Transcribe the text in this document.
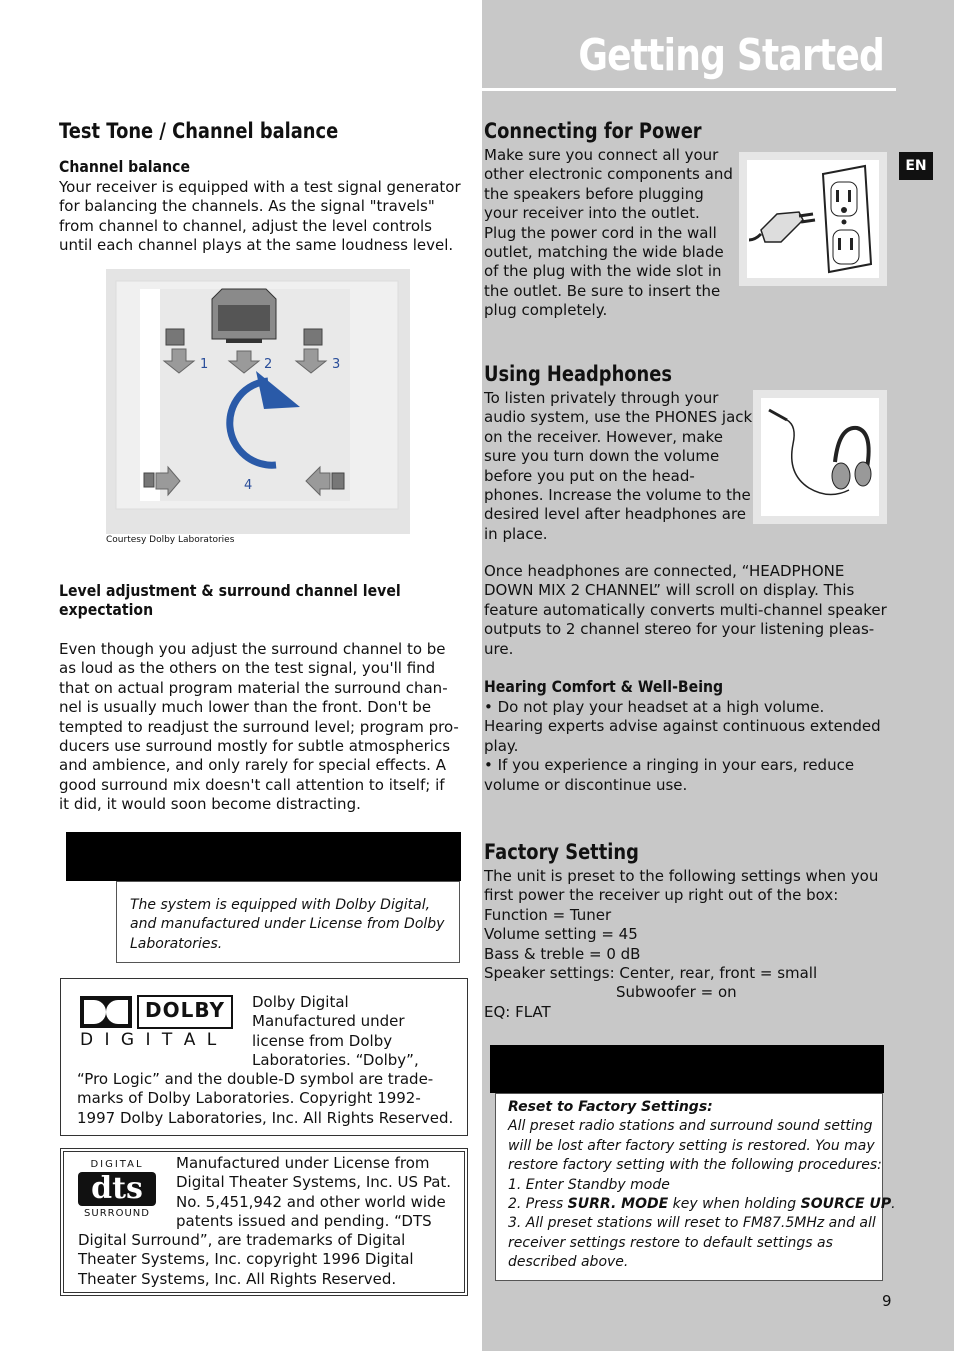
Getting Started
EN
Test Tone / Channel balance
Channel balance
Your receiver is equipped with a test signal generator
for balancing the channels. As the signal "travels"
from channel to channel, adjust the level controls
until each channel plays at the same loudness level.
1	2	3
4
Courtesy Dolby Laboratories
Level adjustment & surround channel level
expectation
Even though you adjust the surround channel to be
as loud as the others on the test signal, you'll find
that on actual program material the surround chan-
nel is usually much lower than the front. Don't be
tempted to readjust the surround level; program pro-
ducers use surround mostly for subtle atmospherics
and ambience, and only rarely for special effects. A
good surround mix doesn't call attention to itself; if
it did, it would soon become distracting.
The system is equipped with Dolby Digital,
and manufactured under License from Dolby
Laboratories.
DOLBY
D I G I T A L
Dolby Digital
Manufactured under
license from Dolby
Laboratories. “Dolby”,
“Pro Logic” and the double-D symbol are trade-
marks of Dolby Laboratories. Copyright 1992-
1997 Dolby Laboratories, Inc. All Rights Reserved.
DIGITAL
dts
SURROUND
Manufactured under License from
Digital Theater Systems, Inc. US Pat.
No. 5,451,942 and other world wide
patents issued and pending. “DTS
Digital Surround”, are trademarks of Digital
Theater Systems, Inc. copyright 1996 Digital
Theater Systems, Inc. All Rights Reserved.
Connecting for Power
Make sure you connect all your
other electronic components and
the speakers before plugging
your receiver into the outlet.
Plug the power cord in the wall
outlet, matching the wide blade
of the plug with the wide slot in
the outlet. Be sure to insert the
plug completely.
Using Headphones
To listen privately through your
audio system, use the PHONES jack
on the receiver. However, make
sure you turn down the volume
before you put on the head-
phones. Increase the volume to the
desired level after headphones are
in place.
Once headphones are connected, “HEADPHONE
DOWN MIX 2 CHANNEL” will scroll on display. This
feature automatically converts multi-channel speaker
outputs to 2 channel stereo for your listening pleas-
ure.
Hearing Comfort & Well-Being
• Do not play your headset at a high volume.
Hearing experts advise against continuous extended
play.
• If you experience a ringing in your ears, reduce
volume or discontinue use.
Factory Setting
The unit is preset to the following settings when you
first power the receiver up right out of the box:
Function = Tuner
Volume setting = 45
Bass & treble = 0 dB
Speaker settings: Center, rear, front = small
Subwoofer = on
EQ: FLAT
Reset to Factory Settings:
All preset radio stations and surround sound setting
will be lost after factory setting is restored. You may
restore factory setting with the following procedures:
1. Enter Standby mode
2. Press SURR. MODE key when holding SOURCE UP.
3. All preset stations will reset to FM87.5MHz and all
receiver settings restore to default settings as
described above.
9
